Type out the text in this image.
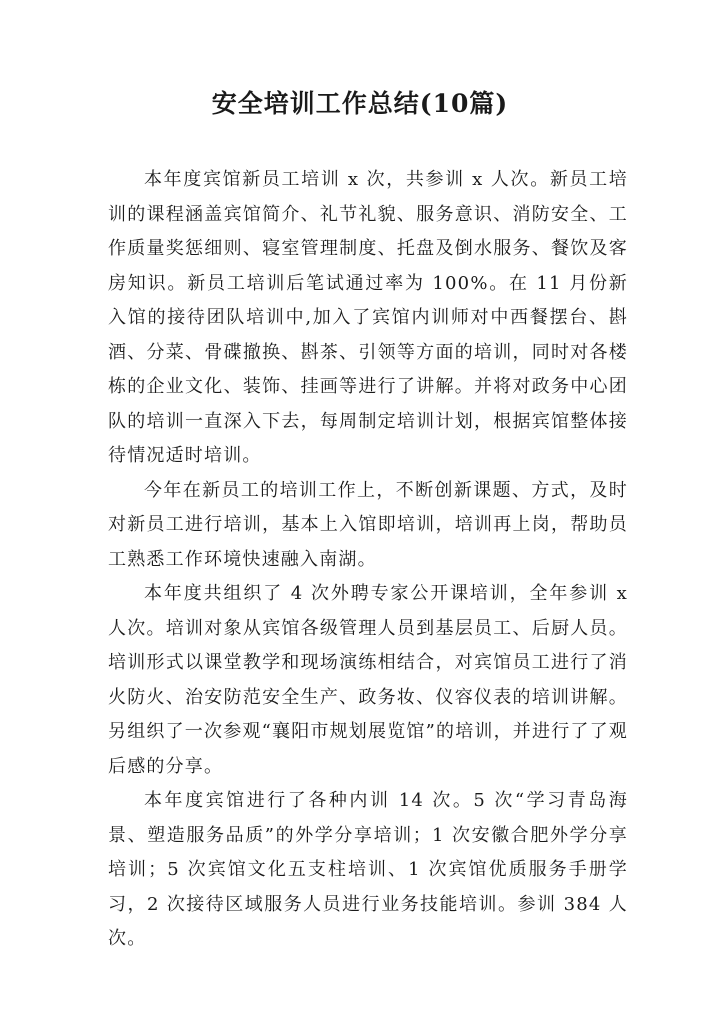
安全培训工作总结(10篇)

本年度宾馆新员工培训 x 次，共参训 x 人次。新员工培训的课程涵盖宾馆简介、礼节礼貌、服务意识、消防安全、工作质量奖惩细则、寝室管理制度、托盘及倒水服务、餐饮及客房知识。新员工培训后笔试通过率为 100%。在 11 月份新入馆的接待团队培训中,加入了宾馆内训师对中西餐摆台、斟酒、分菜、骨碟撤换、斟茶、引领等方面的培训，同时对各楼栋的企业文化、装饰、挂画等进行了讲解。并将对政务中心团队的培训一直深入下去，每周制定培训计划，根据宾馆整体接待情况适时培训。

今年在新员工的培训工作上，不断创新课题、方式，及时对新员工进行培训，基本上入馆即培训，培训再上岗，帮助员工熟悉工作环境快速融入南湖。

本年度共组织了 4 次外聘专家公开课培训，全年参训 x 人次。培训对象从宾馆各级管理人员到基层员工、后厨人员。培训形式以课堂教学和现场演练相结合，对宾馆员工进行了消火防火、治安防范安全生产、政务妆、仪容仪表的培训讲解。另组织了一次参观“襄阳市规划展览馆”的培训，并进行了了观后感的分享。

本年度宾馆进行了各种内训 14 次。5 次“学习青岛海景、塑造服务品质”的外学分享培训；1 次安徽合肥外学分享培训；5 次宾馆文化五支柱培训、1 次宾馆优质服务手册学习，2 次接待区域服务人员进行业务技能培训。参训 384 人次。
